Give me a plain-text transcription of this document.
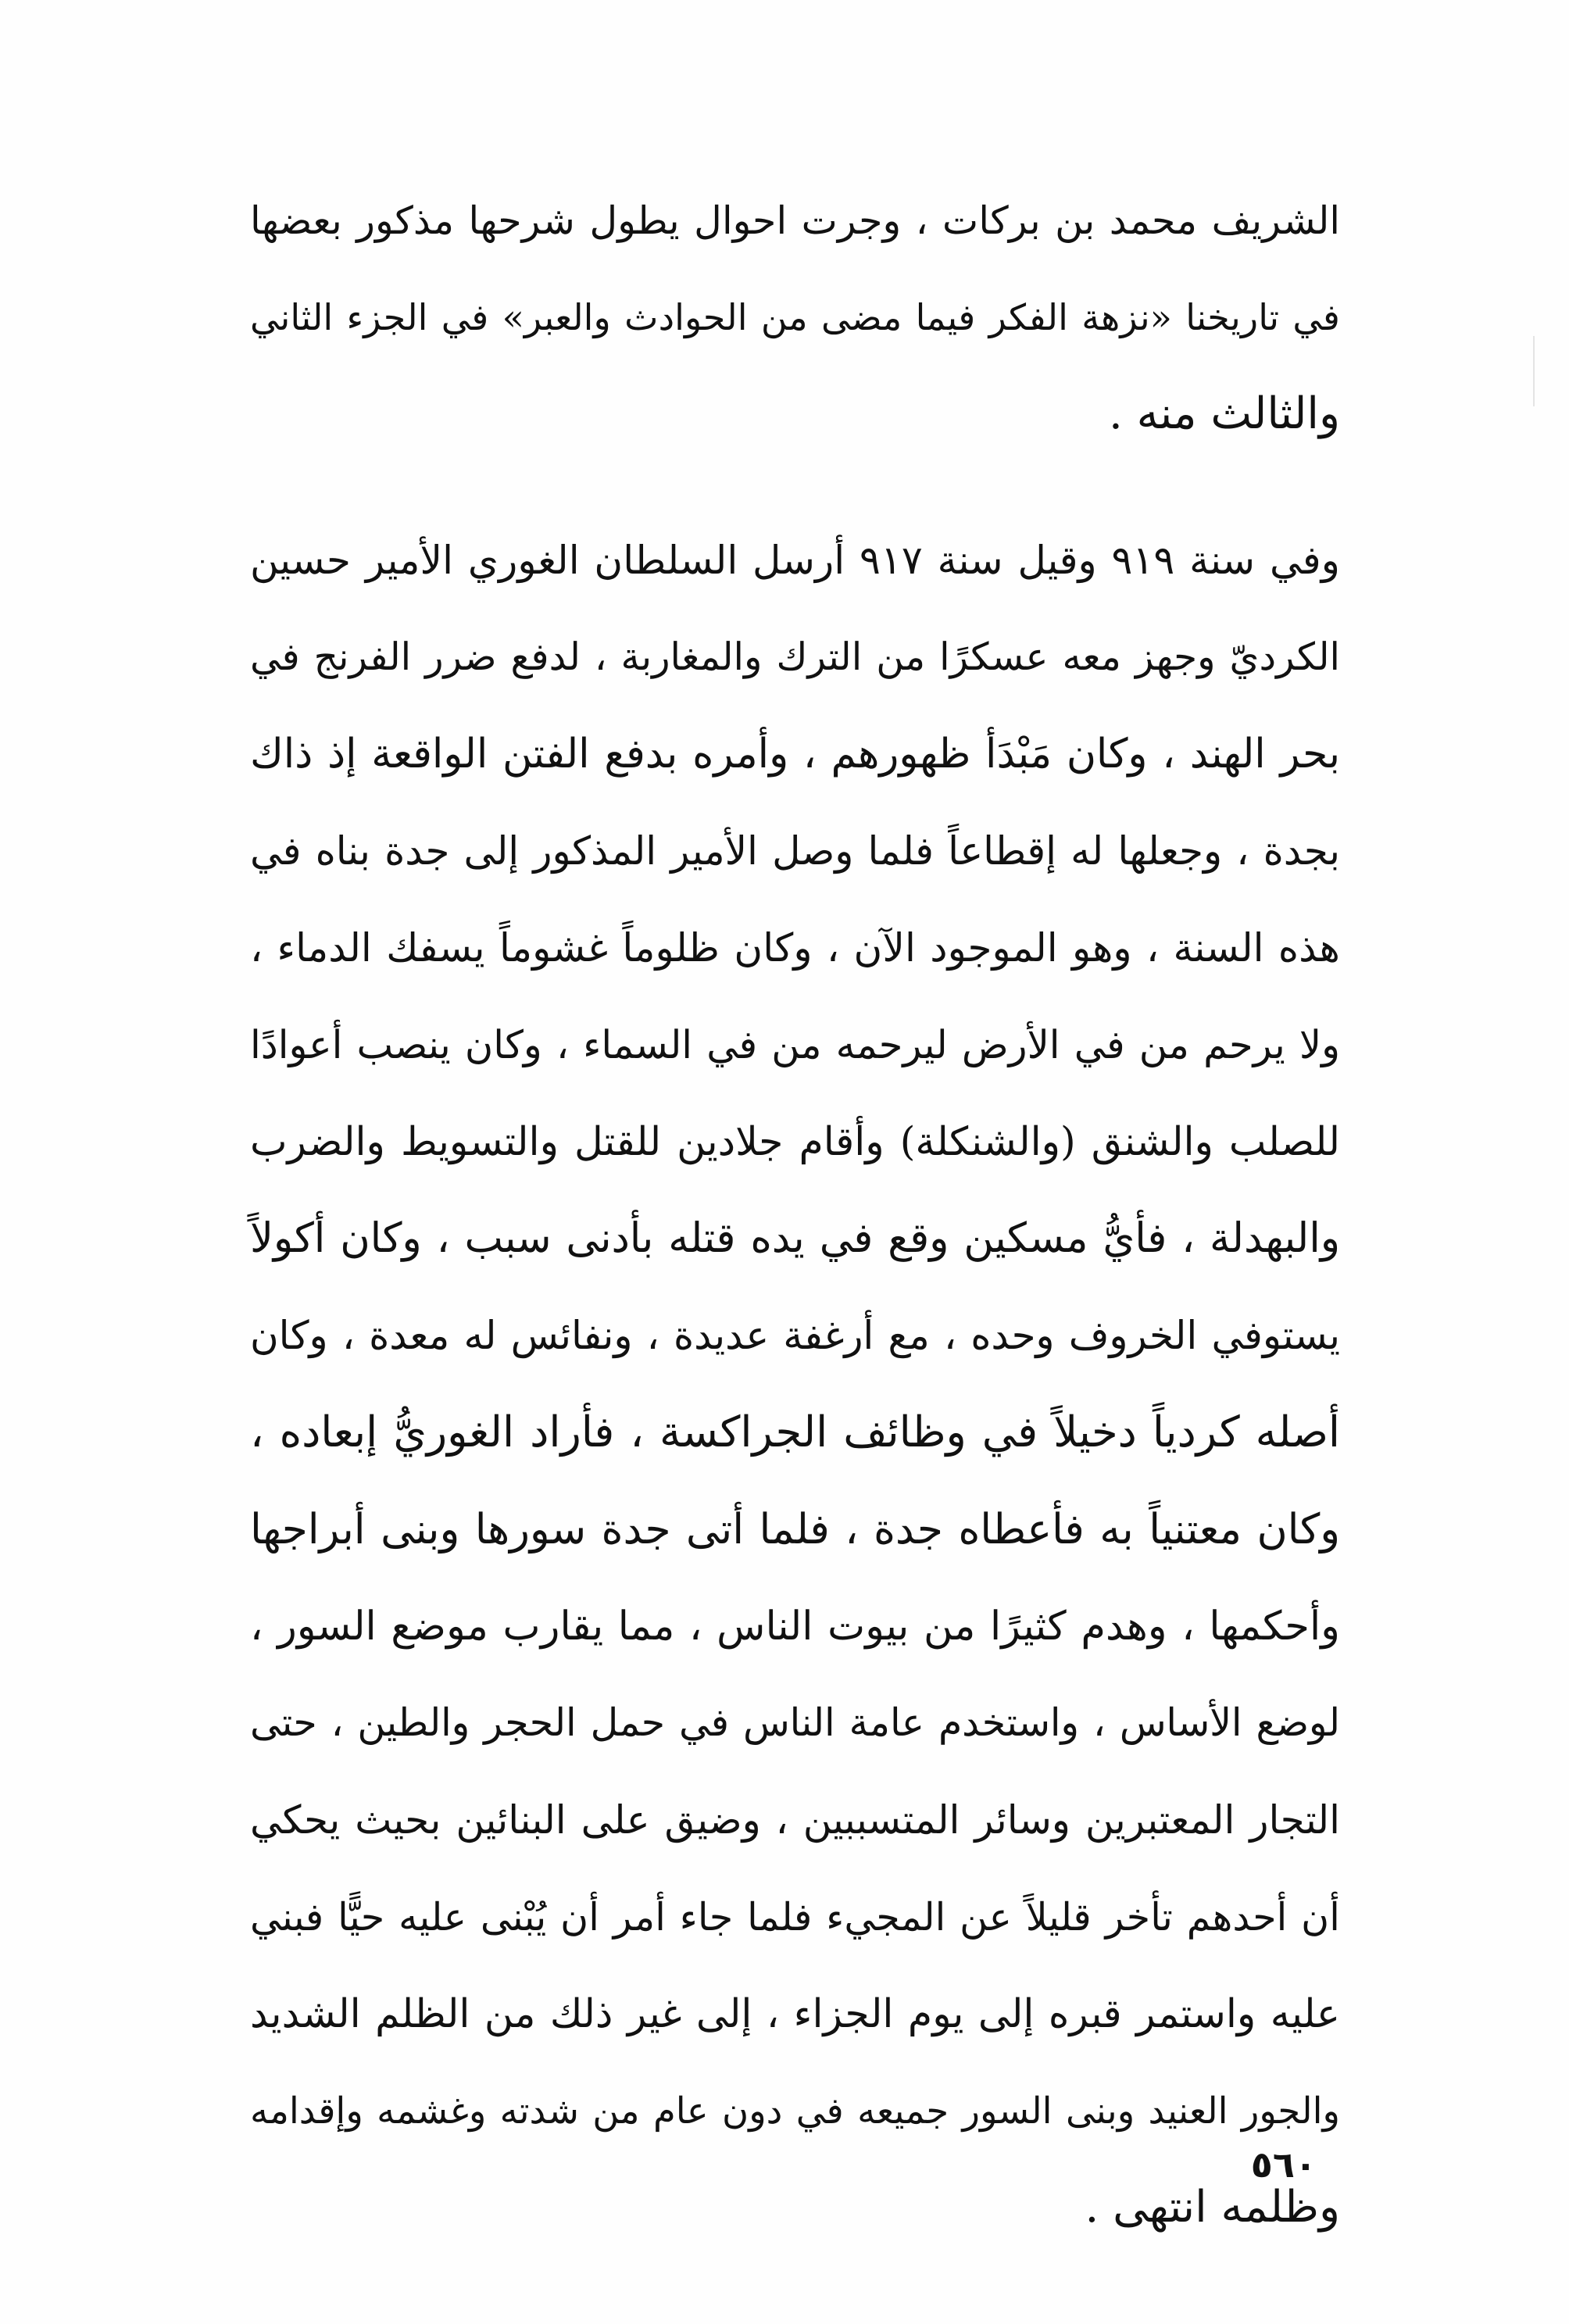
الشريف محمد بن بركات ، وجرت احوال يطول شرحها مذكور بعضها
في تاريخنا «نزهة الفكر فيما مضى من الحوادث والعبر» في الجزء الثاني
والثالث منه .
وفي سنة ٩١٩ وقيل سنة ٩١٧ أرسل السلطان الغوري الأمير حسين
الكرديّ وجهز معه عسكرًا من الترك والمغاربة ، لدفع ضرر الفرنج في
بحر الهند ، وكان مَبْدَأ ظهورهم ، وأمره بدفع الفتن الواقعة إذ ذاك
بجدة ، وجعلها له إقطاعاً فلما وصل الأمير المذكور إلى جدة بناه في
هذه السنة ، وهو الموجود الآن ، وكان ظلوماً غشوماً يسفك الدماء ،
ولا يرحم من في الأرض ليرحمه من في السماء ، وكان ينصب أعوادًا
للصلب والشنق (والشنكلة) وأقام جلادين للقتل والتسويط والضرب
والبهدلة ، فأيُّ مسكين وقع في يده قتله بأدنى سبب ، وكان أكولاً
يستوفي الخروف وحده ، مع أرغفة عديدة ، ونفائس له معدة ، وكان
أصله كردياً دخيلاً في وظائف الجراكسة ، فأراد الغوريُّ إبعاده ،
وكان معتنياً به فأعطاه جدة ، فلما أتى جدة سورها وبنى أبراجها
وأحكمها ، وهدم كثيرًا من بيوت الناس ، مما يقارب موضع السور ،
لوضع الأساس ، واستخدم عامة الناس في حمل الحجر والطين ، حتى
التجار المعتبرين وسائر المتسببين ، وضيق على البنائين بحيث يحكي
أن أحدهم تأخر قليلاً عن المجيء فلما جاء أمر أن يُبْنى عليه حيًّا فبني
عليه واستمر قبره إلى يوم الجزاء ، إلى غير ذلك من الظلم الشديد
والجور العنيد وبنى السور جميعه في دون عام من شدته وغشمه وإقدامه
وظلمه انتهى .
٥٦٠
